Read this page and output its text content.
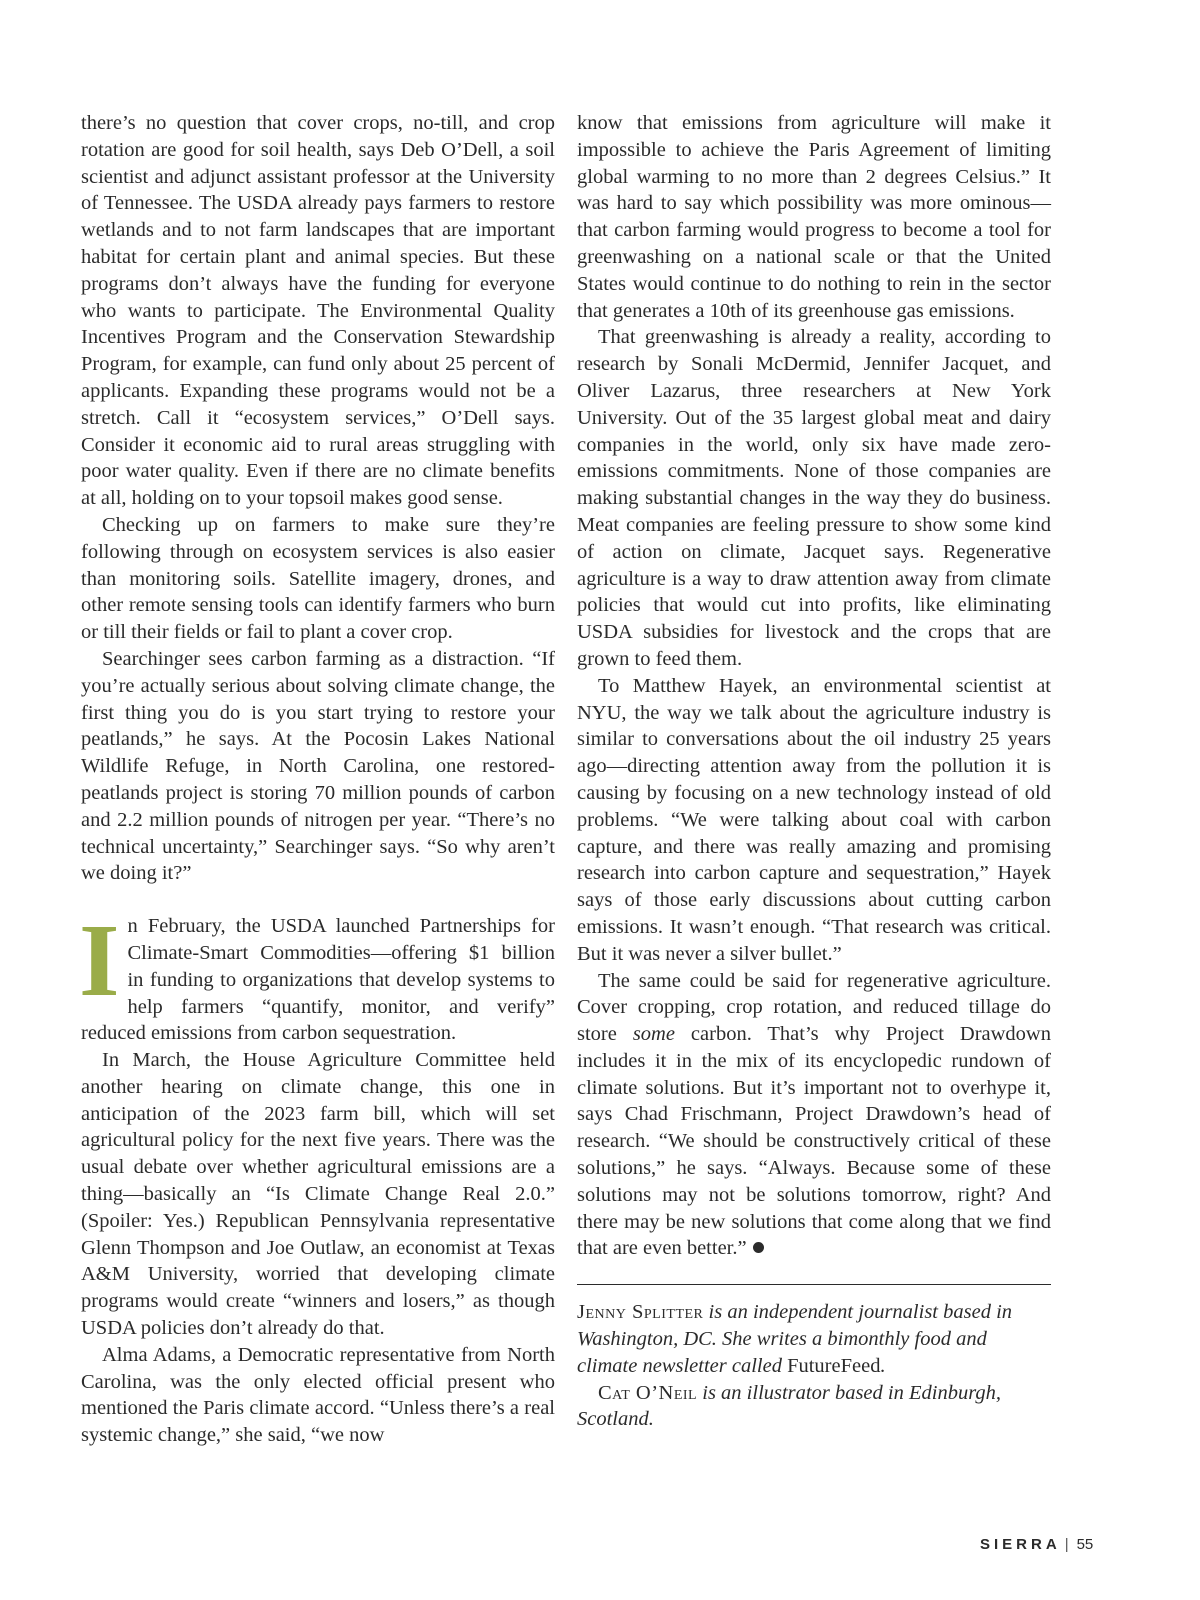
there’s no question that cover crops, no-till, and crop rotation are good for soil health, says Deb O’Dell, a soil scientist and adjunct assistant professor at the University of Tennessee. The USDA already pays farmers to restore wetlands and to not farm landscapes that are important habitat for certain plant and animal species. But these programs don’t always have the funding for everyone who wants to participate. The Environmental Quality Incentives Program and the Conservation Stewardship Program, for example, can fund only about 25 percent of applicants. Expanding these programs would not be a stretch. Call it “ecosystem services,” O’Dell says. Consider it economic aid to rural areas struggling with poor water quality. Even if there are no climate benefits at all, holding on to your topsoil makes good sense.

Checking up on farmers to make sure they’re following through on ecosystem services is also easier than monitoring soils. Satellite imagery, drones, and other remote sensing tools can identify farmers who burn or till their fields or fail to plant a cover crop.

Searchinger sees carbon farming as a distraction. “If you’re actually serious about solving climate change, the first thing you do is you start trying to restore your peatlands,” he says. At the Pocosin Lakes National Wildlife Refuge, in North Carolina, one restored-peatlands project is storing 70 million pounds of carbon and 2.2 million pounds of nitrogen per year. “There’s no technical uncertainty,” Searchinger says. “So why aren’t we doing it?”

In February, the USDA launched Partnerships for Climate-Smart Commodities—offering $1 billion in funding to organizations that develop systems to help farmers “quantify, monitor, and verify” reduced emissions from carbon sequestration.

In March, the House Agriculture Committee held another hearing on climate change, this one in anticipation of the 2023 farm bill, which will set agricultural policy for the next five years. There was the usual debate over whether agricultural emissions are a thing—basically an “Is Climate Change Real 2.0.” (Spoiler: Yes.) Republican Pennsylvania representative Glenn Thompson and Joe Outlaw, an economist at Texas A&M University, worried that developing climate programs would create “winners and losers,” as though USDA policies don’t already do that.

Alma Adams, a Democratic representative from North Carolina, was the only elected official present who mentioned the Paris climate accord. “Unless there’s a real systemic change,” she said, “we now

know that emissions from agriculture will make it impossible to achieve the Paris Agreement of limiting global warming to no more than 2 degrees Celsius.” It was hard to say which possibility was more ominous—that carbon farming would progress to become a tool for greenwashing on a national scale or that the United States would continue to do nothing to rein in the sector that generates a 10th of its greenhouse gas emissions.

That greenwashing is already a reality, according to research by Sonali McDermid, Jennifer Jacquet, and Oliver Lazarus, three researchers at New York University. Out of the 35 largest global meat and dairy companies in the world, only six have made zero-emissions commitments. None of those companies are making substantial changes in the way they do business. Meat companies are feeling pressure to show some kind of action on climate, Jacquet says. Regenerative agriculture is a way to draw attention away from climate policies that would cut into profits, like eliminating USDA subsidies for livestock and the crops that are grown to feed them.

To Matthew Hayek, an environmental scientist at NYU, the way we talk about the agriculture industry is similar to conversations about the oil industry 25 years ago—directing attention away from the pollution it is causing by focusing on a new technology instead of old problems. “We were talking about coal with carbon capture, and there was really amazing and promising research into carbon capture and sequestration,” Hayek says of those early discussions about cutting carbon emissions. It wasn’t enough. “That research was critical. But it was never a silver bullet.”

The same could be said for regenerative agriculture. Cover cropping, crop rotation, and reduced tillage do store some carbon. That’s why Project Drawdown includes it in the mix of its encyclopedic rundown of climate solutions. But it’s important not to overhype it, says Chad Frischmann, Project Drawdown’s head of research. “We should be constructively critical of these solutions,” he says. “Always. Because some of these solutions may not be solutions tomorrow, right? And there may be new solutions that come along that we find that are even better.”

Jenny Splitter is an independent journalist based in Washington, DC. She writes a bimonthly food and climate newsletter called FutureFeed.

Cat O’Neil is an illustrator based in Edinburgh, Scotland.

SIERRA | 55
